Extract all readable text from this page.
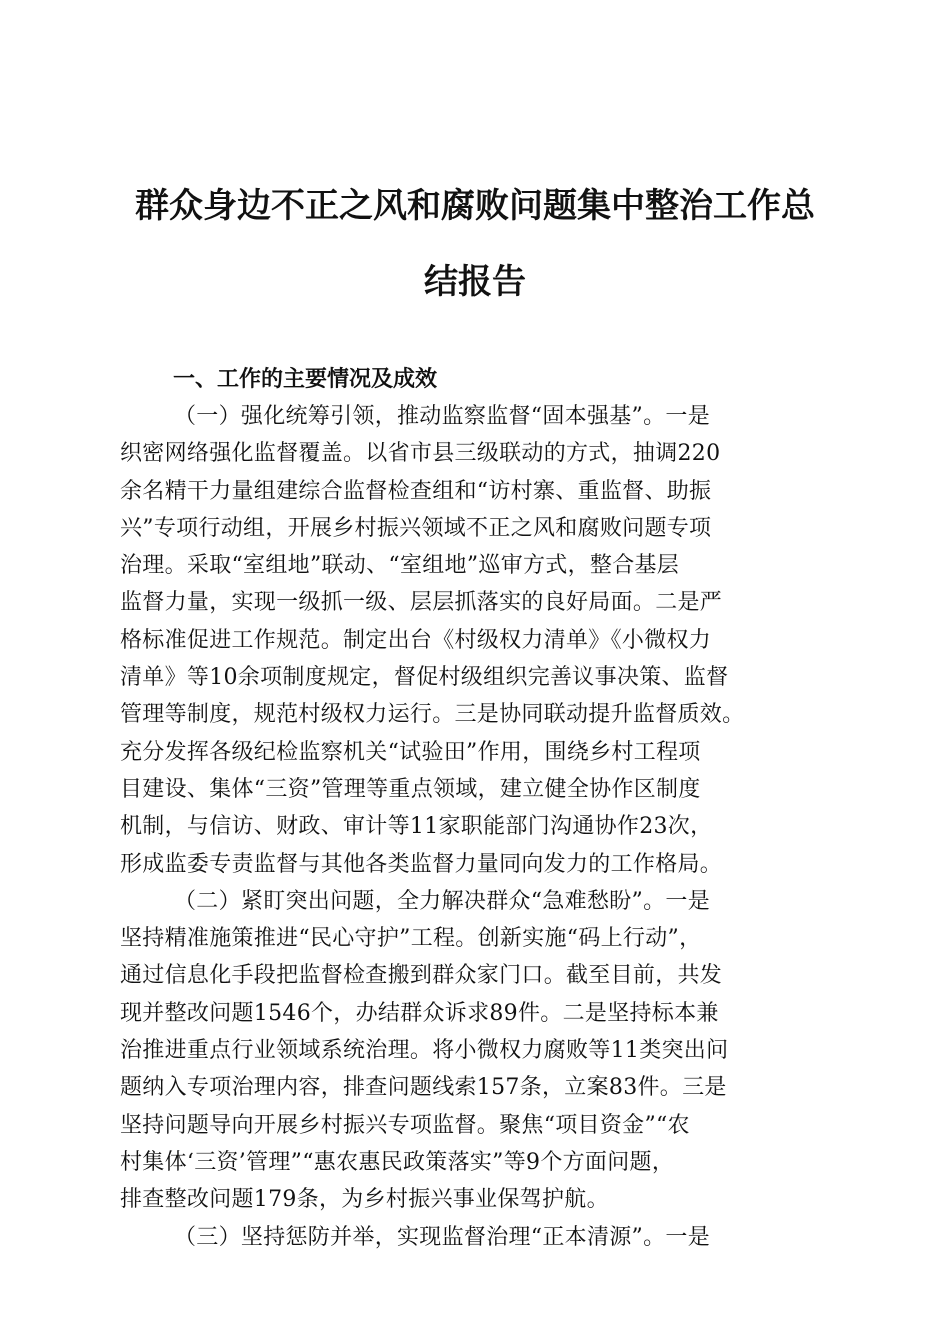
群众身边不正之风和腐败问题集中整治工作总
结报告
一、工作的主要情况及成效
（一）强化统筹引领，推动监察监督“固本强基”。一是
织密网络强化监督覆盖。以省市县三级联动的方式，抽调220
余名精干力量组建综合监督检查组和“访村寨、重监督、助振
兴”专项行动组，开展乡村振兴领域不正之风和腐败问题专项
治理。采取“室组地”联动、“室组地”巡审方式，整合基层
监督力量，实现一级抓一级、层层抓落实的良好局面。二是严
格标准促进工作规范。制定出台《村级权力清单》《小微权力
清单》等10余项制度规定，督促村级组织完善议事决策、监督
管理等制度，规范村级权力运行。三是协同联动提升监督质效。
充分发挥各级纪检监察机关“试验田”作用，围绕乡村工程项
目建设、集体“三资”管理等重点领域，建立健全协作区制度
机制，与信访、财政、审计等11家职能部门沟通协作23次，
形成监委专责监督与其他各类监督力量同向发力的工作格局。
（二）紧盯突出问题，全力解决群众“急难愁盼”。一是
坚持精准施策推进“民心守护”工程。创新实施“码上行动”，
通过信息化手段把监督检查搬到群众家门口。截至目前，共发
现并整改问题1546个，办结群众诉求89件。二是坚持标本兼
治推进重点行业领域系统治理。将小微权力腐败等11类突出问
题纳入专项治理内容，排查问题线索157条，立案83件。三是
坚持问题导向开展乡村振兴专项监督。聚焦“项目资金”“农
村集体‘三资’管理”“惠农惠民政策落实”等9个方面问题，
排查整改问题179条，为乡村振兴事业保驾护航。
（三）坚持惩防并举，实现监督治理“正本清源”。一是
